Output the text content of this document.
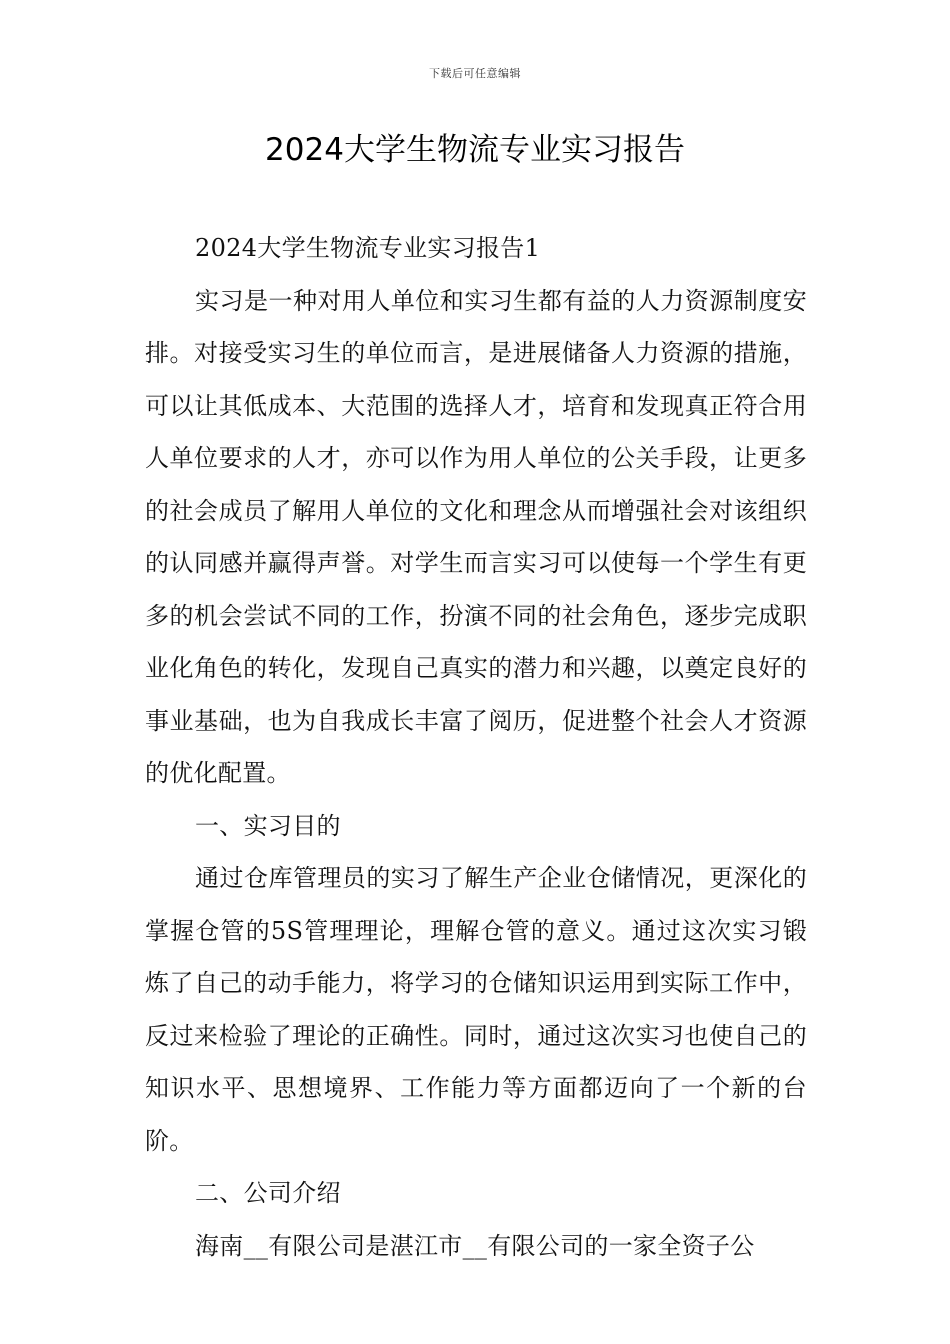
下载后可任意编辑
2024大学生物流专业实习报告

2024大学生物流专业实习报告1

实习是一种对用人单位和实习生都有益的人力资源制度安排。对接受实习生的单位而言，是进展储备人力资源的措施，可以让其低成本、大范围的选择人才，培育和发现真正符合用人单位要求的人才，亦可以作为用人单位的公关手段，让更多的社会成员了解用人单位的文化和理念从而增强社会对该组织的认同感并赢得声誉。对学生而言实习可以使每一个学生有更多的机会尝试不同的工作，扮演不同的社会角色，逐步完成职业化角色的转化，发现自己真实的潜力和兴趣，以奠定良好的事业基础，也为自我成长丰富了阅历，促进整个社会人才资源的优化配置。

一、实习目的

通过仓库管理员的实习了解生产企业仓储情况，更深化的掌握仓管的5S管理理论，理解仓管的意义。通过这次实习锻炼了自己的动手能力，将学习的仓储知识运用到实际工作中，反过来检验了理论的正确性。同时，通过这次实习也使自己的知识水平、思想境界、工作能力等方面都迈向了一个新的台阶。

二、公司介绍

海南__有限公司是湛江市__有限公司的一家全资子公
